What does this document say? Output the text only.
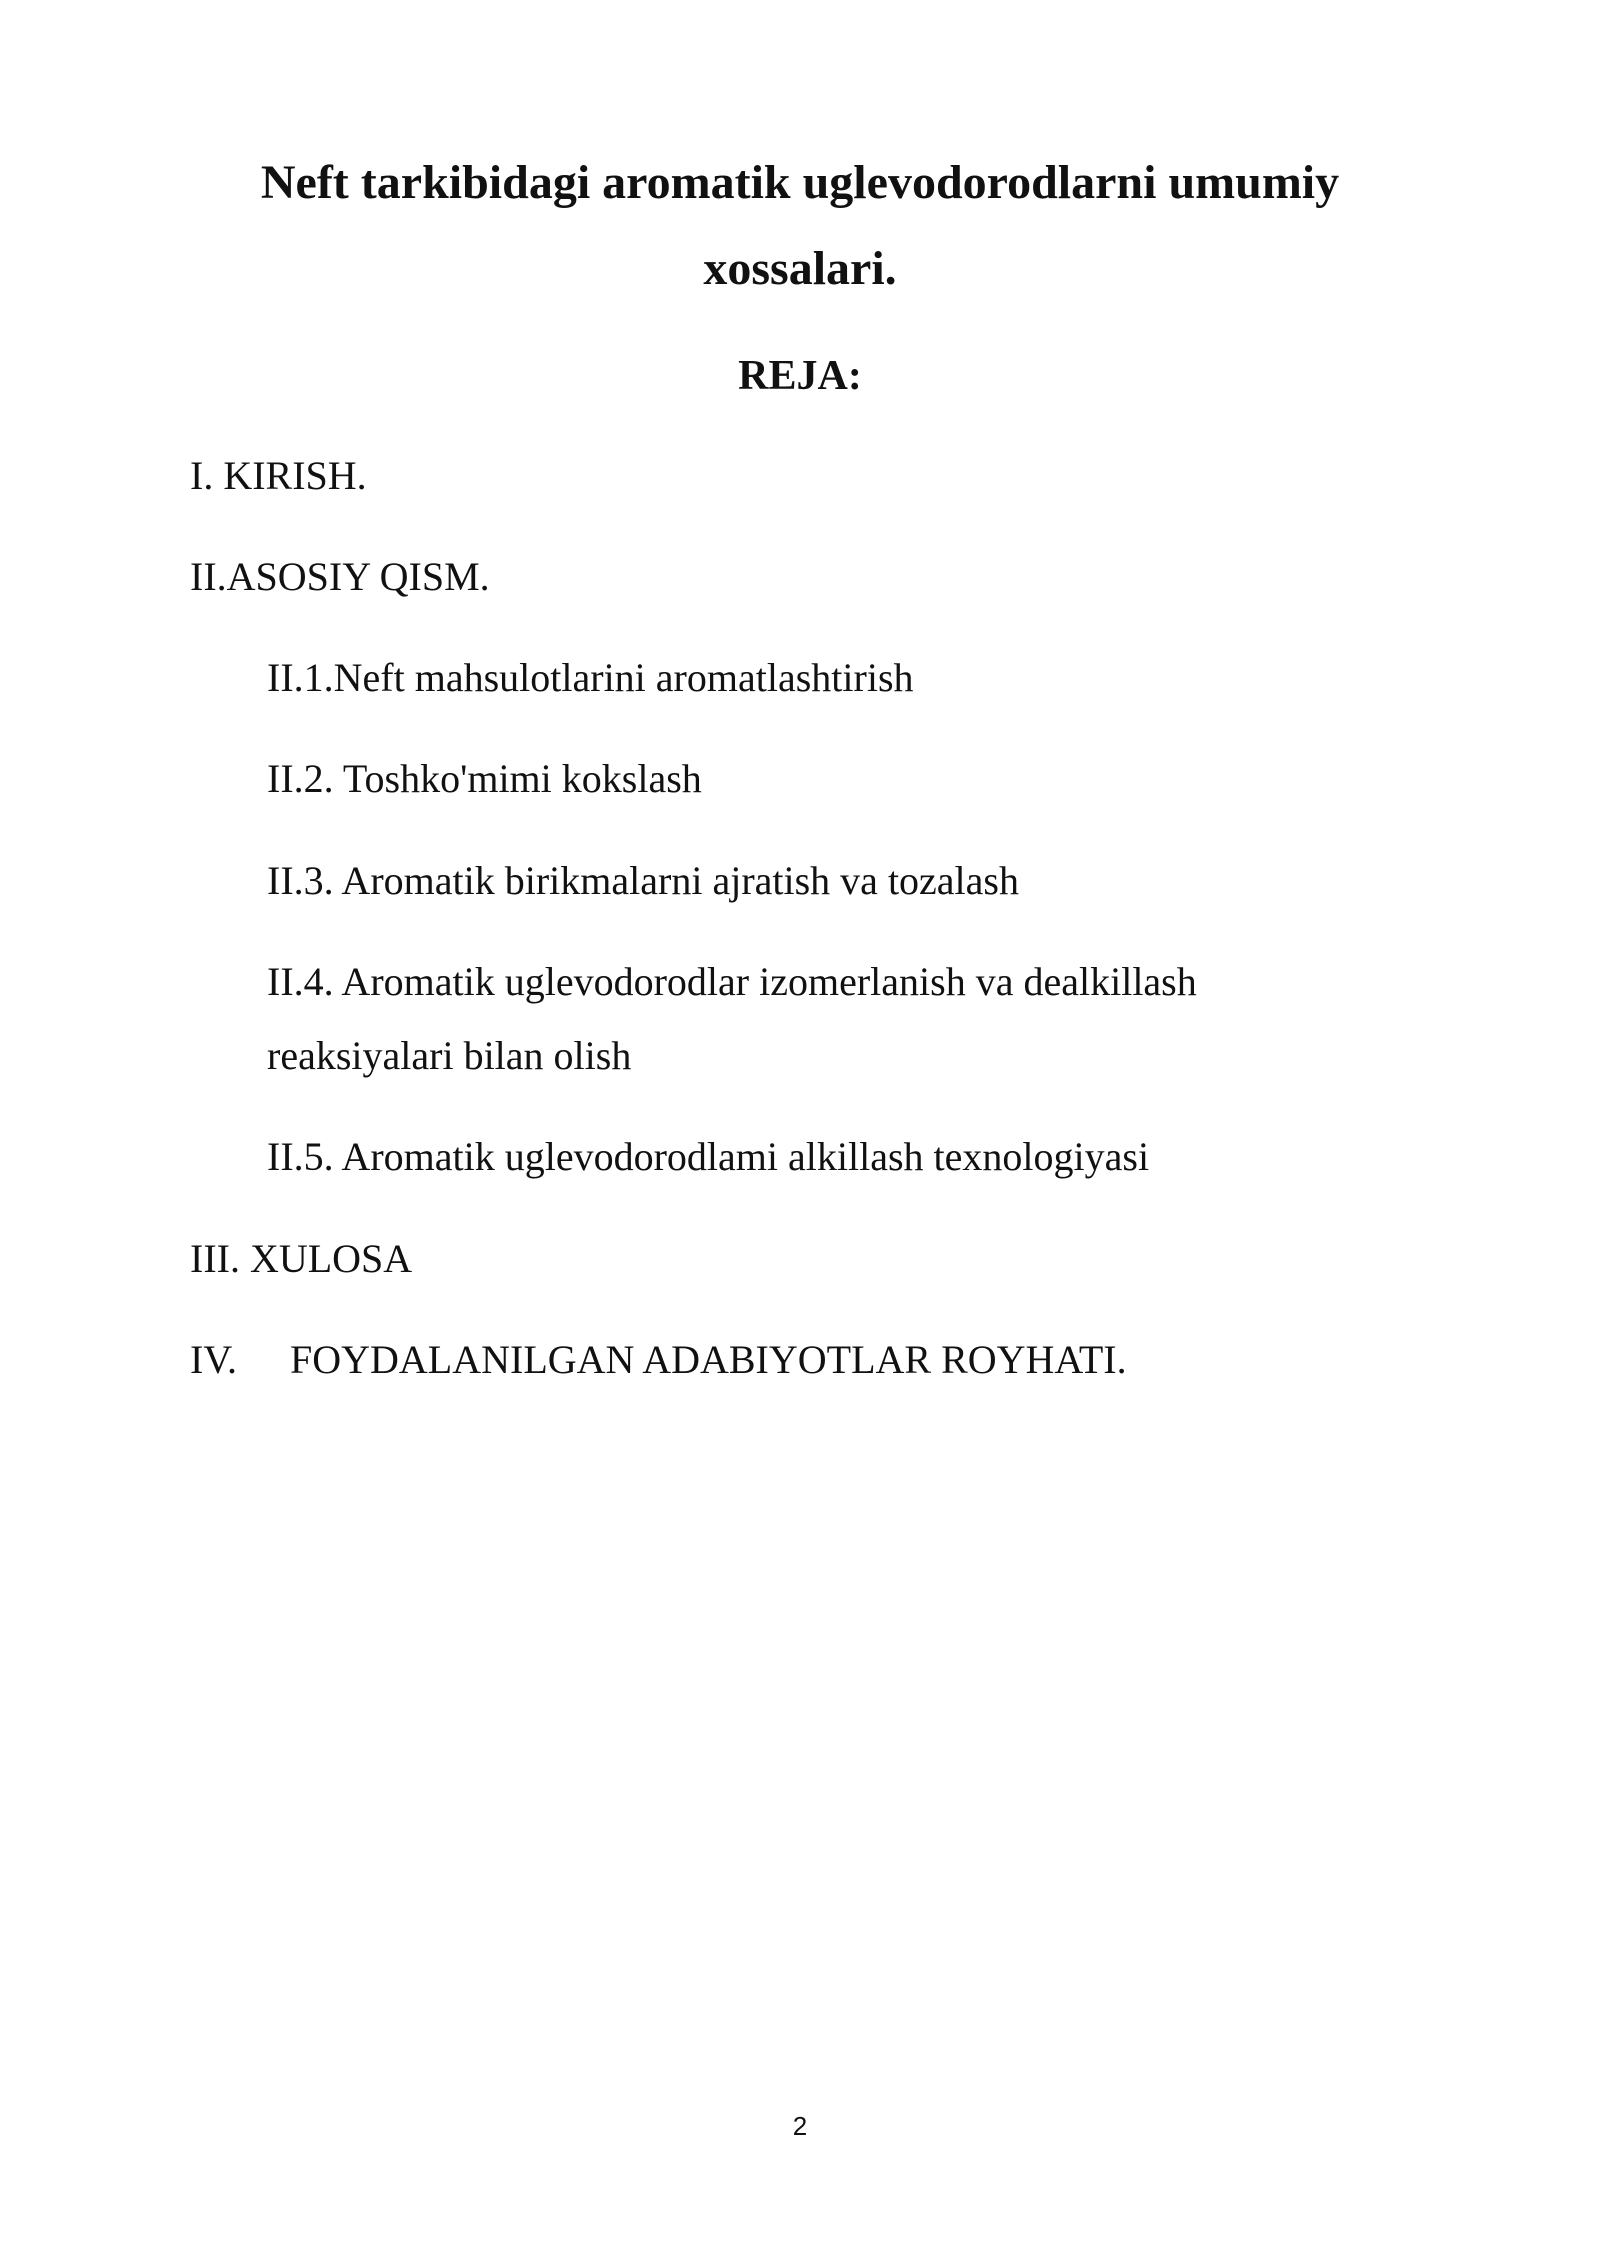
Neft tarkibidagi aromatik uglevodorodlarni umumiy
xossalari.
REJA:
I. KIRISH.
II.ASOSIY QISM.
II.1.Neft mahsulotlarini aromatlashtirish
II.2. Toshko'mimi kokslash
II.3. Aromatik birikmalarni ajratish va tozalash
II.4. Aromatik uglevodorodlar izomerlanish va dealkillash
reaksiyalari bilan olish
II.5. Aromatik uglevodorodlami alkillash texnologiyasi
III. XULOSA
IV. FOYDALANILGAN ADABIYOTLAR ROYHATI.
2
